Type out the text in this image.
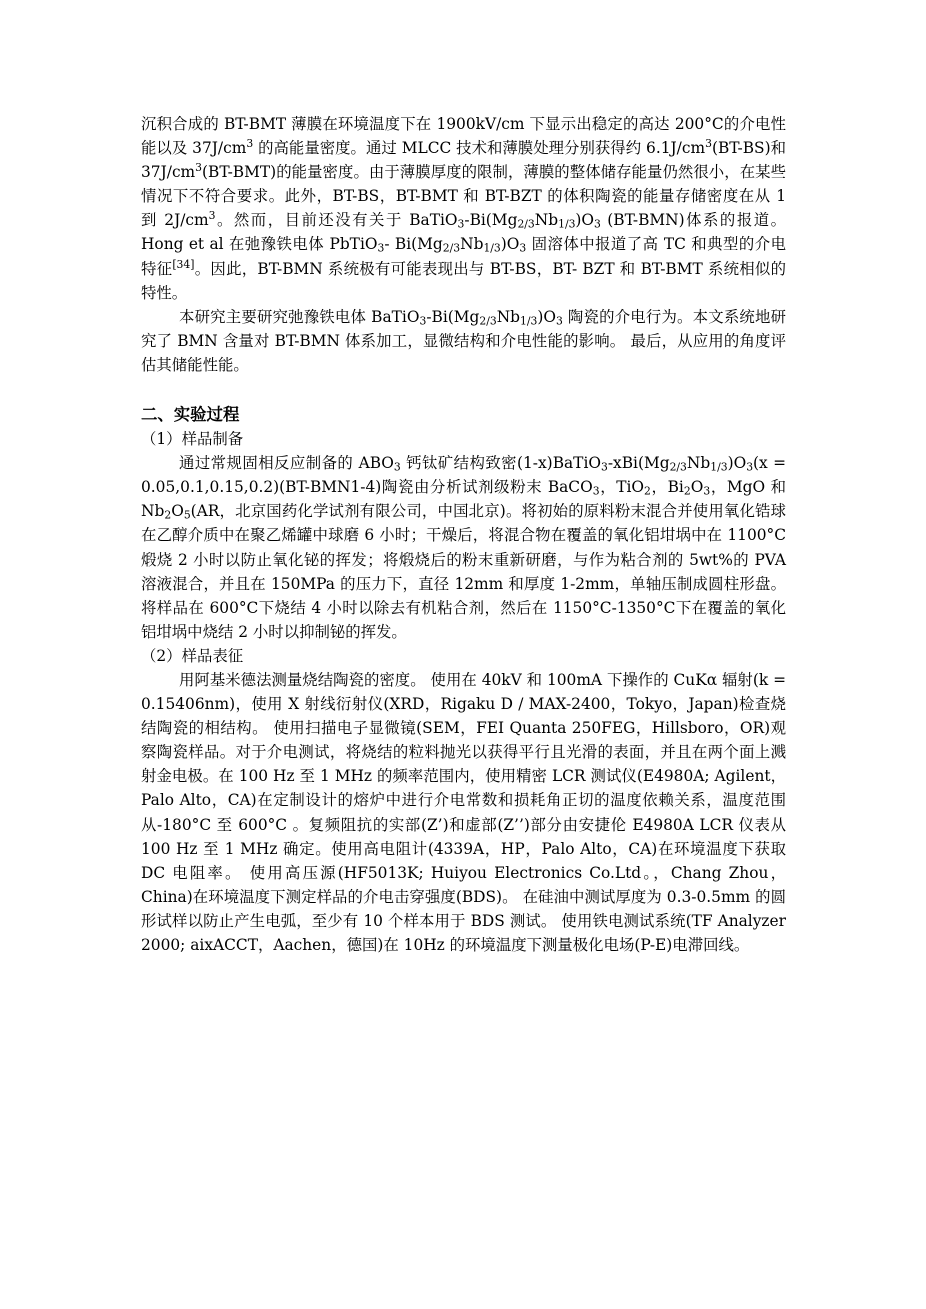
沉积合成的 BT-BMT 薄膜在环境温度下在 1900kV/cm 下显示出稳定的高达 200°C的介电性能以及 $37J/cm^3$ 的高能量密度。通过 MLCC 技术和薄膜处理分别获得约 $6.1J/cm^3(BT-BS)$和 $37J/cm^3(BT-BMT)$的能量密度。由于薄膜厚度的限制，薄膜的整体储存能量仍然很小，在某些情况下不符合要求。此外，BT-BS，BT-BMT 和 BT-BZT 的体积陶瓷的能量存储密度在从 1 到 $2J/cm^3$。然而，目前还没有关于 $BaTiO_3-Bi(Mg_{2/3}Nb_{1/3})O_3$ (BT-BMN)体系的报道。Hong et al 在弛豫铁电体 PbTiO$_3$- $Bi(Mg_{2/3}Nb_{1/3})O_3$ 固溶体中报道了高 TC 和典型的介电特征[34]。因此，BT-BMN 系统极有可能表现出与 BT-BS，BT- BZT 和 BT-BMT 系统相似的特性。

本研究主要研究弛豫铁电体 $BaTiO_3-Bi(Mg_{2/3}Nb_{1/3})O_3$ 陶瓷的介电行为。本文系统地研究了 BMN 含量对 BT-BMN 体系加工，显微结构和介电性能的影响。 最后，从应用的角度评估其储能性能。

二、实验过程

（1）样品制备

通过常规固相反应制备的 $ABO_3$ 钙钛矿结构致密$(1-x)BaTiO_3-xBi(Mg_{2/3}Nb_{1/3})O_3(x = 0.05,0.1,0.15,0.2)(BT-BMN1-4)$陶瓷由分析试剂级粉末 BaCO$_3$，TiO$_2$，$Bi_2O_3$，MgO 和 $Nb_2O_5(AR$，北京国药化学试剂有限公司，中国北京)。将初始的原料粉末混合并使用氧化锆球在乙醇介质中在聚乙烯罐中球磨 6 小时；干燥后，将混合物在覆盖的氧化铝坩埚中在 1100°C煅烧 2 小时以防止氧化铋的挥发；将煅烧后的粉末重新研磨，与作为粘合剂的 5wt%的 PVA 溶液混合，并且在 150MPa 的压力下，直径 12mm 和厚度 1-2mm，单轴压制成圆柱形盘。 将样品在 600°C下烧结 4 小时以除去有机粘合剂，然后在 1150°C-1350°C下在覆盖的氧化铝坩埚中烧结 2 小时以抑制铋的挥发。

（2）样品表征

用阿基米德法测量烧结陶瓷的密度。 使用在 40kV 和 100mA 下操作的 CuKα 辐射(k = 0.15406nm)，使用 X 射线衍射仪(XRD，Rigaku D / MAX-2400，Tokyo，Japan)检查烧结陶瓷的相结构。 使用扫描电子显微镜(SEM，FEI Quanta 250FEG，Hillsboro，OR)观察陶瓷样品。对于介电测试，将烧结的粒料抛光以获得平行且光滑的表面，并且在两个面上溅射金电极。在 100 Hz 至 1 MHz 的频率范围内，使用精密 LCR 测试仪(E4980A; Agilent，Palo Alto，CA)在定制设计的熔炉中进行介电常数和损耗角正切的温度依赖关系，温度范围从-180°C 至 600°C 。复频阻抗的实部(Z’)和虚部(Z’’)部分由安捷伦 E4980A LCR 仪表从 100 Hz 至 1 MHz 确定。使用高电阻计(4339A，HP，Palo Alto，CA)在环境温度下获取 DC 电阻率。 使用高压源(HF5013K; Huiyou Electronics Co.Ltd。，Chang Zhou，China)在环境温度下测定样品的介电击穿强度(BDS)。 在硅油中测试厚度为 0.3-0.5mm 的圆形试样以防止产生电弧，至少有 10 个样本用于 BDS 测试。 使用铁电测试系统(TF Analyzer 2000; aixACCT，Aachen，德国)在 10Hz 的环境温度下测量极化电场(P-E)电滞回线。
